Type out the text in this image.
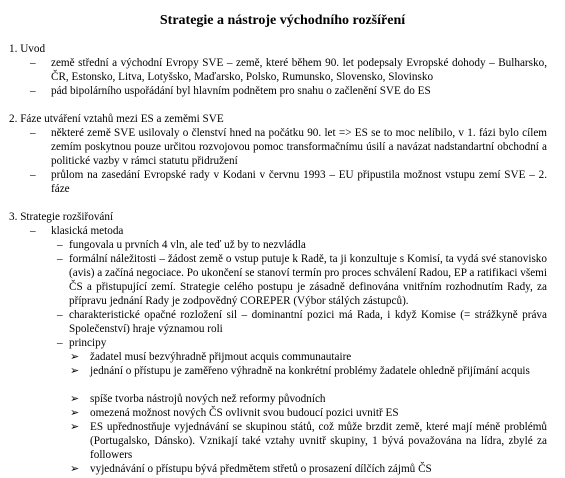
Strategie a nástroje východního rozšíření
1. Uvod
– země střední a východní Evropy SVE – země, které během 90. let podepsaly Evropské dohody – Bulharsko, ČR, Estonsko, Litva, Lotyšsko, Maďarsko, Polsko, Rumunsko, Slovensko, Slovinsko
– pád bipolárního uspořádání byl hlavním podnětem pro snahu o začlenění SVE do ES
2. Fáze utváření vztahů mezi ES a zeměmi SVE
– některé země SVE usilovaly o členství hned na počátku 90. let => ES se to moc nelíbilo, v 1. fázi bylo cílem zemím poskytnou pouze určitou rozvojovou pomoc transformačnímu úsilí a navázat nadstandartní obchodní a politické vazby v rámci statutu přidružení
– průlom na zasedání Evropské rady v Kodani v červnu 1993 – EU připustila možnost vstupu zemí SVE – 2. fáze
3. Strategie rozšiřování
– klasická metoda
– fungovala u prvních 4 vln, ale teď už by to nezvládla
– formální náležitosti – žádost země o vstup putuje k Radě, ta ji konzultuje s Komisí, ta vydá své stanovisko (avis) a začíná negociace. Po ukončení se stanoví termín pro proces schválení Radou, EP a ratifikaci všemi ČS a přistupující zemí. Strategie celého postupu je zásadně definována vnitřním rozhodnutím Rady, za přípravu jednání Rady je zodpovědný COREPER (Výbor stálých zástupců).
– charakteristické opačné rozložení sil – dominantní pozici má Rada, i když Komise (= strážkyně práva Společenství) hraje významou roli
– principy
➢ žadatel musí bezvýhradně přijmout acquis communautaire
➢ jednání o přístupu je zaměřeno výhradně na konkrétní problémy žadatele ohledně přijímání acquis
➢ spíše tvorba nástrojů nových než reformy původních
➢ omezená možnost nových ČS ovlivnit svou budoucí pozici uvnitř ES
➢ ES upřednostňuje vyjednávání se skupinou států, což může brzdit země, které mají méně problémů (Portugalsko, Dánsko). Vznikají také vztahy uvnitř skupiny, 1 bývá považována na lídra, zbylé za followers
➢ vyjednávání o přístupu bývá předmětem střetů o prosazení dílčích zájmů ČS
